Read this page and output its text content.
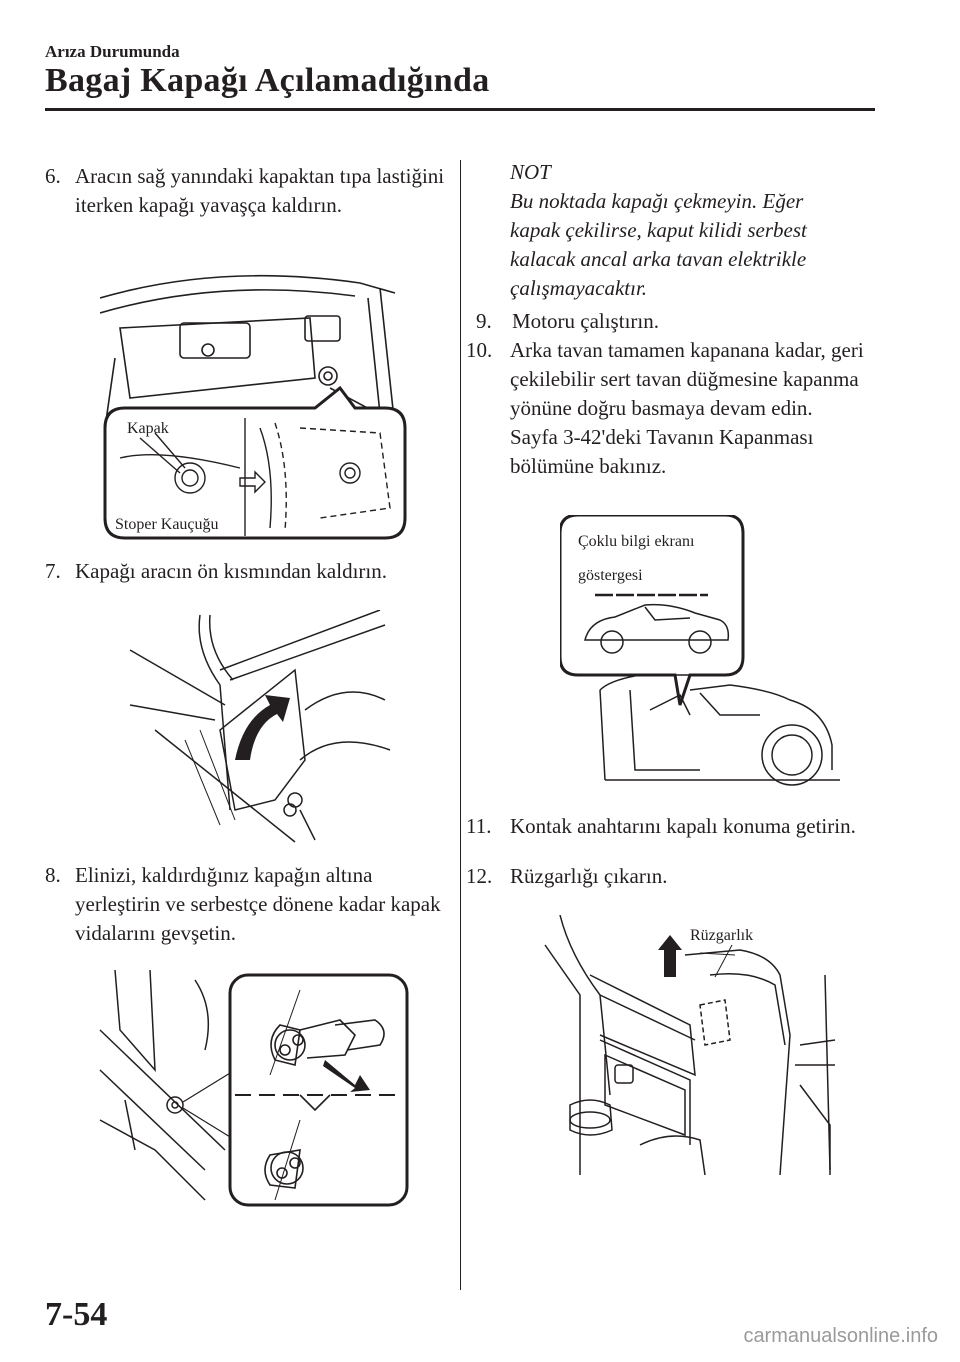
Arıza Durumunda
Bagaj Kapağı Açılamadığında
6. Aracın sağ yanındaki kapaktan tıpa lastiğini iterken kapağı yavaşça kaldırın.
Kapak
Stoper Kauçuğu
7. Kapağı aracın ön kısmından kaldırın.
8. Elinizi, kaldırdığınız kapağın altına yerleştirin ve serbestçe dönene kadar kapak vidalarını gevşetin.
NOT
Bu noktada kapağı çekmeyin. Eğer kapak çekilirse, kaput kilidi serbest kalacak ancal arka tavan elektrikle çalışmayacaktır.
9. Motoru çalıştırın.
10. Arka tavan tamamen kapanana kadar, geri çekilebilir sert tavan düğmesine kapanma yönüne doğru basmaya devam edin.
Sayfa 3-42'deki Tavanın Kapanması bölümüne bakınız.
Çoklu bilgi ekranı
göstergesi
11. Kontak anahtarını kapalı konuma getirin.
12. Rüzgarlığı çıkarın.
Rüzgarlık
7-54
carmanualsonline.info
